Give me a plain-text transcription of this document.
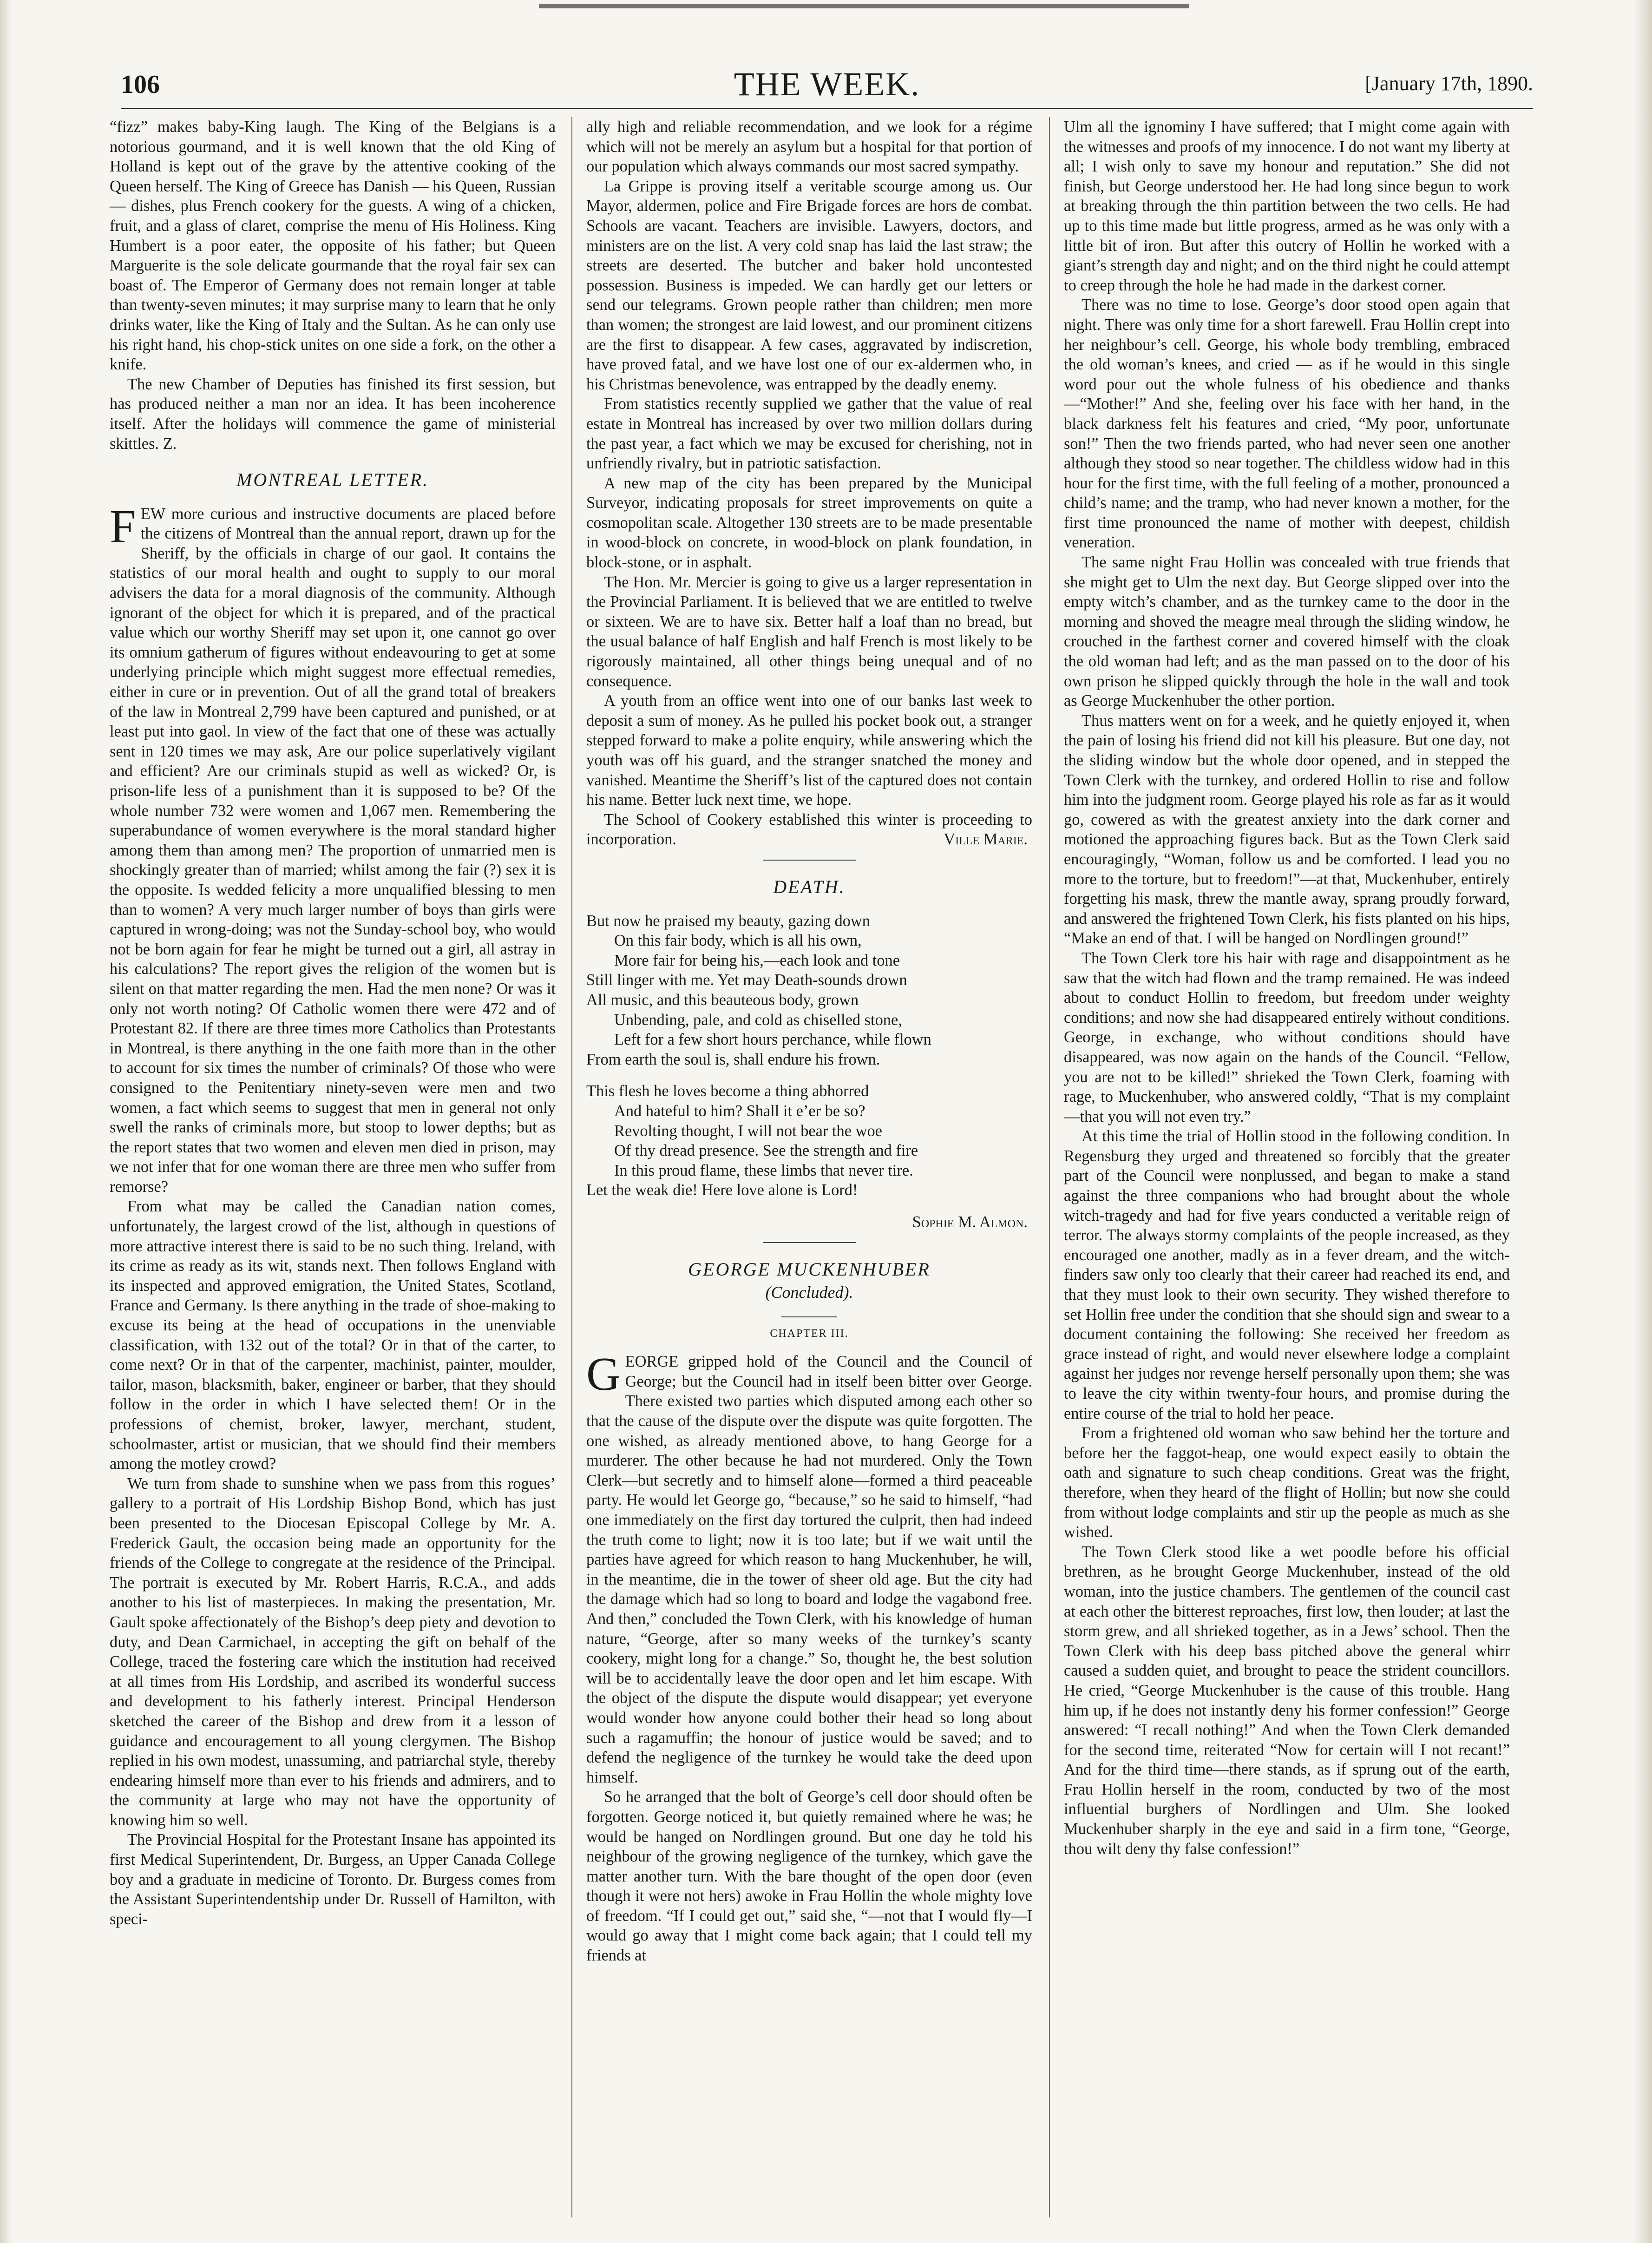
106	THE WEEK.	[January 17th, 1890.

“fizz” makes baby-King laugh. The King of the Belgians is a notorious gourmand, and it is well known that the old King of Holland is kept out of the grave by the attentive cooking of the Queen herself. The King of Greece has Danish — his Queen, Russian — dishes, plus French cookery for the guests. A wing of a chicken, fruit, and a glass of claret, comprise the menu of His Holiness. King Humbert is a poor eater, the opposite of his father; but Queen Marguerite is the sole delicate gourmande that the royal fair sex can boast of. The Emperor of Germany does not remain longer at table than twenty-seven minutes; it may surprise many to learn that he only drinks water, like the King of Italy and the Sultan. As he can only use his right hand, his chop-stick unites on one side a fork, on the other a knife.

The new Chamber of Deputies has finished its first session, but has produced neither a man nor an idea. It has been incoherence itself. After the holidays will commence the game of ministerial skittles. Z.

MONTREAL LETTER.

FEW more curious and instructive documents are placed before the citizens of Montreal than the annual report, drawn up for the Sheriff, by the officials in charge of our gaol. It contains the statistics of our moral health and ought to supply to our moral advisers the data for a moral diagnosis of the community. Although ignorant of the object for which it is prepared, and of the practical value which our worthy Sheriff may set upon it, one cannot go over its omnium gatherum of figures without endeavouring to get at some underlying principle which might suggest more effectual remedies, either in cure or in prevention. Out of all the grand total of breakers of the law in Montreal 2,799 have been captured and punished, or at least put into gaol. In view of the fact that one of these was actually sent in 120 times we may ask, Are our police superlatively vigilant and efficient? Are our criminals stupid as well as wicked? Or, is prison-life less of a punishment than it is supposed to be? Of the whole number 732 were women and 1,067 men. Remembering the superabundance of women everywhere is the moral standard higher among them than among men? The proportion of unmarried men is shockingly greater than of married; whilst among the fair (?) sex it is the opposite. Is wedded felicity a more unqualified blessing to men than to women? A very much larger number of boys than girls were captured in wrong-doing; was not the Sunday-school boy, who would not be born again for fear he might be turned out a girl, all astray in his calculations? The report gives the religion of the women but is silent on that matter regarding the men. Had the men none? Or was it only not worth noting? Of Catholic women there were 472 and of Protestant 82. If there are three times more Catholics than Protestants in Montreal, is there anything in the one faith more than in the other to account for six times the number of criminals? Of those who were consigned to the Penitentiary ninety-seven were men and two women, a fact which seems to suggest that men in general not only swell the ranks of criminals more, but stoop to lower depths; but as the report states that two women and eleven men died in prison, may we not infer that for one woman there are three men who suffer from remorse?

From what may be called the Canadian nation comes, unfortunately, the largest crowd of the list, although in questions of more attractive interest there is said to be no such thing. Ireland, with its crime as ready as its wit, stands next. Then follows England with its inspected and approved emigration, the United States, Scotland, France and Germany. Is there anything in the trade of shoe-making to excuse its being at the head of occupations in the unenviable classification, with 132 out of the total? Or in that of the carter, to come next? Or in that of the carpenter, machinist, painter, moulder, tailor, mason, blacksmith, baker, engineer or barber, that they should follow in the order in which I have selected them! Or in the professions of chemist, broker, lawyer, merchant, student, schoolmaster, artist or musician, that we should find their members among the motley crowd?

We turn from shade to sunshine when we pass from this rogues’ gallery to a portrait of His Lordship Bishop Bond, which has just been presented to the Diocesan Episcopal College by Mr. A. Frederick Gault, the occasion being made an opportunity for the friends of the College to congregate at the residence of the Principal. The portrait is executed by Mr. Robert Harris, R.C.A., and adds another to his list of masterpieces. In making the presentation, Mr. Gault spoke affectionately of the Bishop’s deep piety and devotion to duty, and Dean Carmichael, in accepting the gift on behalf of the College, traced the fostering care which the institution had received at all times from His Lordship, and ascribed its wonderful success and development to his fatherly interest. Principal Henderson sketched the career of the Bishop and drew from it a lesson of guidance and encouragement to all young clergymen. The Bishop replied in his own modest, unassuming, and patriarchal style, thereby endearing himself more than ever to his friends and admirers, and to the community at large who may not have the opportunity of knowing him so well.

The Provincial Hospital for the Protestant Insane has appointed its first Medical Superintendent, Dr. Burgess, an Upper Canada College boy and a graduate in medicine of Toronto. Dr. Burgess comes from the Assistant Superintendentship under Dr. Russell of Hamilton, with speci-

ally high and reliable recommendation, and we look for a régime which will not be merely an asylum but a hospital for that portion of our population which always commands our most sacred sympathy.

La Grippe is proving itself a veritable scourge among us. Our Mayor, aldermen, police and Fire Brigade forces are hors de combat. Schools are vacant. Teachers are invisible. Lawyers, doctors, and ministers are on the list. A very cold snap has laid the last straw; the streets are deserted. The butcher and baker hold uncontested possession. Business is impeded. We can hardly get our letters or send our telegrams. Grown people rather than children; men more than women; the strongest are laid lowest, and our prominent citizens are the first to disappear. A few cases, aggravated by indiscretion, have proved fatal, and we have lost one of our ex-aldermen who, in his Christmas benevolence, was entrapped by the deadly enemy.

From statistics recently supplied we gather that the value of real estate in Montreal has increased by over two million dollars during the past year, a fact which we may be excused for cherishing, not in unfriendly rivalry, but in patriotic satisfaction.

A new map of the city has been prepared by the Municipal Surveyor, indicating proposals for street improvements on quite a cosmopolitan scale. Altogether 130 streets are to be made presentable in wood-block on concrete, in wood-block on plank foundation, in block-stone, or in asphalt.

The Hon. Mr. Mercier is going to give us a larger representation in the Provincial Parliament. It is believed that we are entitled to twelve or sixteen. We are to have six. Better half a loaf than no bread, but the usual balance of half English and half French is most likely to be rigorously maintained, all other things being unequal and of no consequence.

A youth from an office went into one of our banks last week to deposit a sum of money. As he pulled his pocket book out, a stranger stepped forward to make a polite enquiry, while answering which the youth was off his guard, and the stranger snatched the money and vanished. Meantime the Sheriff’s list of the captured does not contain his name. Better luck next time, we hope.

The School of Cookery established this winter is proceeding to incorporation.	Ville Marie.

DEATH.
But now he praised my beauty, gazing down
On this fair body, which is all his own,
More fair for being his,—each look and tone
Still linger with me. Yet may Death-sounds drown
All music, and this beauteous body, grown
Unbending, pale, and cold as chiselled stone,
Left for a few short hours perchance, while flown
From earth the soul is, shall endure his frown.
This flesh he loves become a thing abhorred
And hateful to him? Shall it e’er be so?
Revolting thought, I will not bear the woe
Of thy dread presence. See the strength and fire
In this proud flame, these limbs that never tire.
Let the weak die! Here love alone is Lord!
Sophie M. Almon.
GEORGE MUCKENHUBER
(Concluded).
CHAPTER III.

GEORGE gripped hold of the Council and the Council of George; but the Council had in itself been bitter over George. There existed two parties which disputed among each other so that the cause of the dispute over the dispute was quite forgotten. The one wished, as already mentioned above, to hang George for a murderer. The other because he had not murdered. Only the Town Clerk—but secretly and to himself alone—formed a third peaceable party. He would let George go, “because,” so he said to himself, “had one immediately on the first day tortured the culprit, then had indeed the truth come to light; now it is too late; but if we wait until the parties have agreed for which reason to hang Muckenhuber, he will, in the meantime, die in the tower of sheer old age. But the city had the damage which had so long to board and lodge the vagabond free. And then,” concluded the Town Clerk, with his knowledge of human nature, “George, after so many weeks of the turnkey’s scanty cookery, might long for a change.” So, thought he, the best solution will be to accidentally leave the door open and let him escape. With the object of the dispute the dispute would disappear; yet everyone would wonder how anyone could bother their head so long about such a ragamuffin; the honour of justice would be saved; and to defend the negligence of the turnkey he would take the deed upon himself.

So he arranged that the bolt of George’s cell door should often be forgotten. George noticed it, but quietly remained where he was; he would be hanged on Nordlingen ground. But one day he told his neighbour of the growing negligence of the turnkey, which gave the matter another turn. With the bare thought of the open door (even though it were not hers) awoke in Frau Hollin the whole mighty love of freedom. “If I could get out,” said she, “—not that I would fly—I would go away that I might come back again; that I could tell my friends at

Ulm all the ignominy I have suffered; that I might come again with the witnesses and proofs of my innocence. I do not want my liberty at all; I wish only to save my honour and reputation.” She did not finish, but George understood her. He had long since begun to work at breaking through the thin partition between the two cells. He had up to this time made but little progress, armed as he was only with a little bit of iron. But after this outcry of Hollin he worked with a giant’s strength day and night; and on the third night he could attempt to creep through the hole he had made in the darkest corner.

There was no time to lose. George’s door stood open again that night. There was only time for a short farewell. Frau Hollin crept into her neighbour’s cell. George, his whole body trembling, embraced the old woman’s knees, and cried — as if he would in this single word pour out the whole fulness of his obedience and thanks—“Mother!” And she, feeling over his face with her hand, in the black darkness felt his features and cried, “My poor, unfortunate son!” Then the two friends parted, who had never seen one another although they stood so near together. The childless widow had in this hour for the first time, with the full feeling of a mother, pronounced a child’s name; and the tramp, who had never known a mother, for the first time pronounced the name of mother with deepest, childish veneration.

The same night Frau Hollin was concealed with true friends that she might get to Ulm the next day. But George slipped over into the empty witch’s chamber, and as the turnkey came to the door in the morning and shoved the meagre meal through the sliding window, he crouched in the farthest corner and covered himself with the cloak the old woman had left; and as the man passed on to the door of his own prison he slipped quickly through the hole in the wall and took as George Muckenhuber the other portion.

Thus matters went on for a week, and he quietly enjoyed it, when the pain of losing his friend did not kill his pleasure. But one day, not the sliding window but the whole door opened, and in stepped the Town Clerk with the turnkey, and ordered Hollin to rise and follow him into the judgment room. George played his role as far as it would go, cowered as with the greatest anxiety into the dark corner and motioned the approaching figures back. But as the Town Clerk said encouragingly, “Woman, follow us and be comforted. I lead you no more to the torture, but to freedom!”—at that, Muckenhuber, entirely forgetting his mask, threw the mantle away, sprang proudly forward, and answered the frightened Town Clerk, his fists planted on his hips, “Make an end of that. I will be hanged on Nordlingen ground!”

The Town Clerk tore his hair with rage and disappointment as he saw that the witch had flown and the tramp remained. He was indeed about to conduct Hollin to freedom, but freedom under weighty conditions; and now she had disappeared entirely without conditions. George, in exchange, who without conditions should have disappeared, was now again on the hands of the Council. “Fellow, you are not to be killed!” shrieked the Town Clerk, foaming with rage, to Muckenhuber, who answered coldly, “That is my complaint—that you will not even try.”

At this time the trial of Hollin stood in the following condition. In Regensburg they urged and threatened so forcibly that the greater part of the Council were nonplussed, and began to make a stand against the three companions who had brought about the whole witch-tragedy and had for five years conducted a veritable reign of terror. The always stormy complaints of the people increased, as they encouraged one another, madly as in a fever dream, and the witch-finders saw only too clearly that their career had reached its end, and that they must look to their own security. They wished therefore to set Hollin free under the condition that she should sign and swear to a document containing the following: She received her freedom as grace instead of right, and would never elsewhere lodge a complaint against her judges nor revenge herself personally upon them; she was to leave the city within twenty-four hours, and promise during the entire course of the trial to hold her peace.

From a frightened old woman who saw behind her the torture and before her the faggot-heap, one would expect easily to obtain the oath and signature to such cheap conditions. Great was the fright, therefore, when they heard of the flight of Hollin; but now she could from without lodge complaints and stir up the people as much as she wished.

The Town Clerk stood like a wet poodle before his official brethren, as he brought George Muckenhuber, instead of the old woman, into the justice chambers. The gentlemen of the council cast at each other the bitterest reproaches, first low, then louder; at last the storm grew, and all shrieked together, as in a Jews’ school. Then the Town Clerk with his deep bass pitched above the general whirr caused a sudden quiet, and brought to peace the strident councillors. He cried, “George Muckenhuber is the cause of this trouble. Hang him up, if he does not instantly deny his former confession!” George answered: “I recall nothing!” And when the Town Clerk demanded for the second time, reiterated “Now for certain will I not recant!” And for the third time—there stands, as if sprung out of the earth, Frau Hollin herself in the room, conducted by two of the most influential burghers of Nordlingen and Ulm. She looked Muckenhuber sharply in the eye and said in a firm tone, “George, thou wilt deny thy false confession!”
